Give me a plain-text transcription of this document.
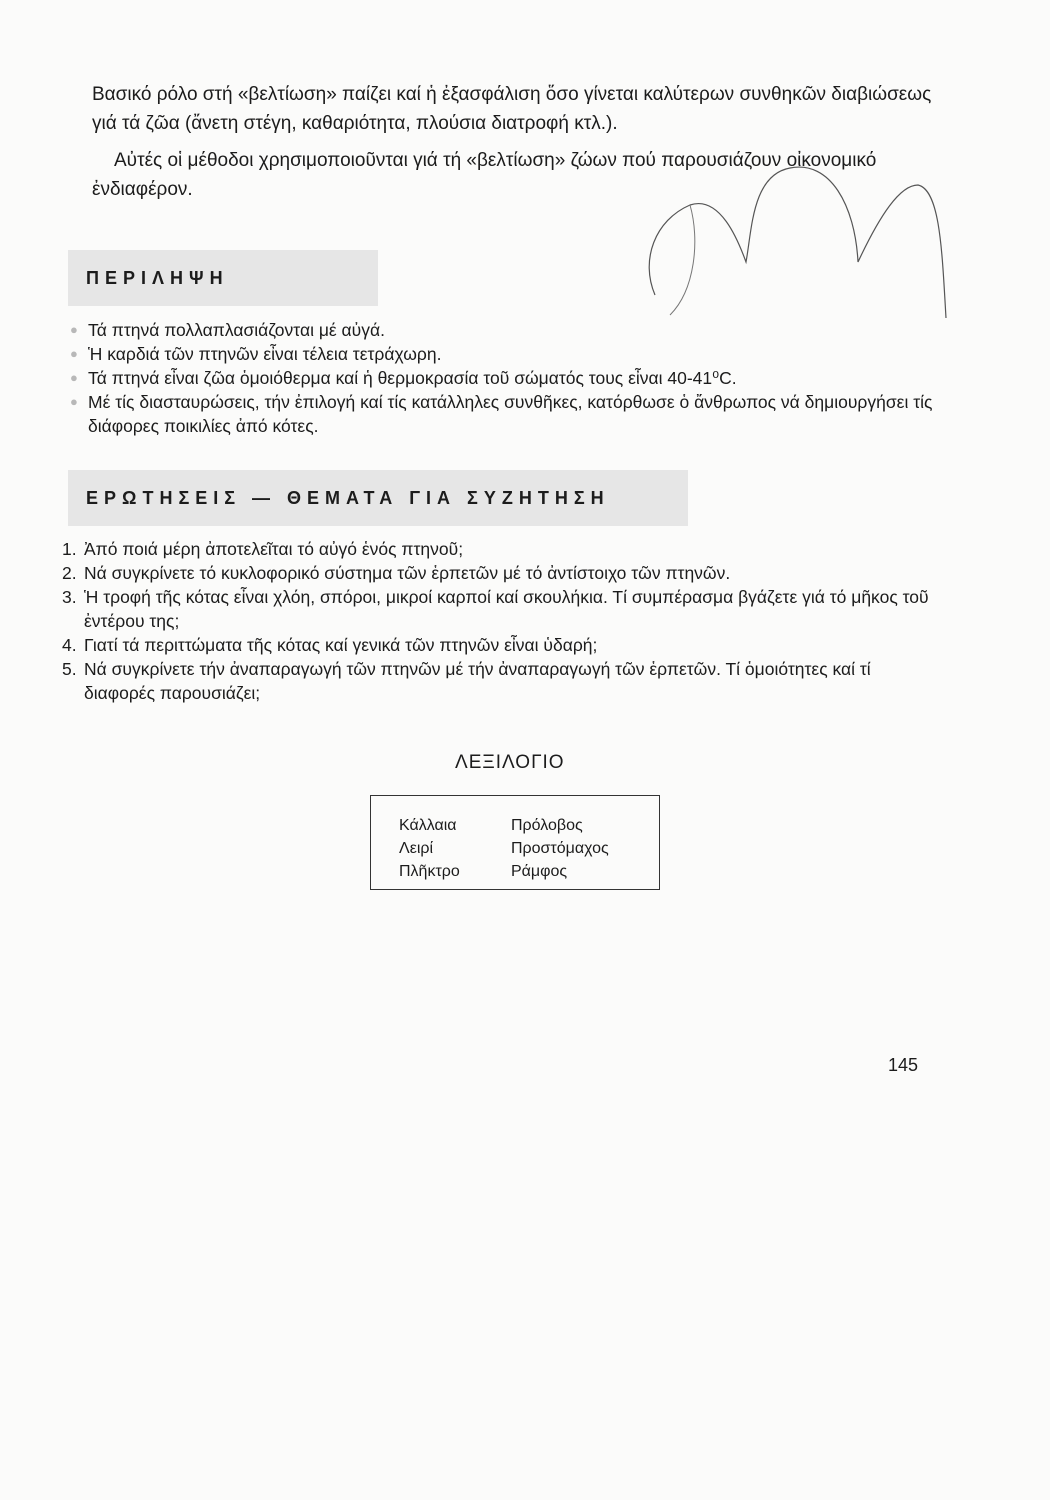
Βασικό ρόλο στή «βελτίωση» παίζει καί ἡ ἐξασφάλιση ὅσο γίνεται καλύτερων συνθηκῶν διαβιώσεως γιά τά ζῶα (ἄνετη στέγη, καθαριότητα, πλούσια διατροφή κτλ.).

Αὐτές οἱ μέθοδοι χρησιμοποιοῦνται γιά τή «βελτίωση» ζώων πού παρουσιάζουν οἰκονομικό ἐνδιαφέρον.

ΠΕΡΙΛΗΨΗ
● Τά πτηνά πολλαπλασιάζονται μέ αὐγά.
● Ἡ καρδιά τῶν πτηνῶν εἶναι τέλεια τετράχωρη.
● Τά πτηνά εἶναι ζῶα ὁμοιόθερμα καί ἡ θερμοκρασία τοῦ σώματός τους εἶναι 40-41⁰C.
● Μέ τίς διασταυρώσεις, τήν ἐπιλογή καί τίς κατάλληλες συνθῆκες, κατόρθωσε ὁ ἄνθρωπος νά δημιουργήσει τίς διάφορες ποικιλίες ἀπό κότες.
ΕΡΩΤΗΣΕΙΣ — ΘΕΜΑΤΑ ΓΙΑ ΣΥΖΗΤΗΣΗ
1. Ἀπό ποιά μέρη ἀποτελεῖται τό αὐγό ἑνός πτηνοῦ;
2. Νά συγκρίνετε τό κυκλοφορικό σύστημα τῶν ἑρπετῶν μέ τό ἀντίστοιχο τῶν πτηνῶν.
3. Ἡ τροφή τῆς κότας εἶναι χλόη, σπόροι, μικροί καρποί καί σκουλήκια. Τί συμπέρασμα βγάζετε γιά τό μῆκος τοῦ ἐντέρου της;
4. Γιατί τά περιττώματα τῆς κότας καί γενικά τῶν πτηνῶν εἶναι ὑδαρή;
5. Νά συγκρίνετε τήν ἀναπαραγωγή τῶν πτηνῶν μέ τήν ἀναπαραγωγή τῶν ἑρπετῶν. Τί ὁμοιότητες καί τί διαφορές παρουσιάζει;
ΛΕΞΙΛΟΓΙΟ
Κάλλαια
Λειρί
Πλῆκτρο
Πρόλοβος
Προστόμαχος
Ράμφος
145
